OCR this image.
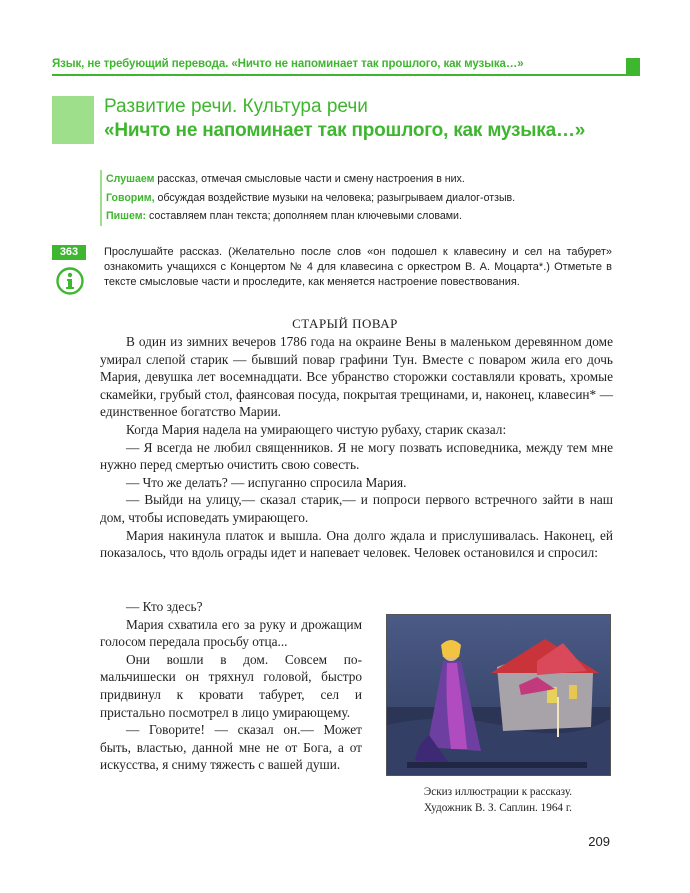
Язык, не требующий перевода. «Ничто не напоминает так прошлого, как музыка…»
Развитие речи. Культура речи
«Ничто не напоминает так прошлого, как музыка…»
Слушаем рассказ, отмечая смысловые части и смену настроения в них.
Говорим, обсуждая воздействие музыки на человека; разыгрываем диалог-отзыв.
Пишем: составляем план текста; дополняем план ключевыми словами.
363	Прослушайте рассказ. (Желательно после слов «он подошел к клавесину и сел на табурет» ознакомить учащихся с Концертом № 4 для клавесина с оркестром В. А. Моцарта*.) Отметьте в тексте смысловые части и проследите, как меняется настроение повествования.
СТАРЫЙ ПОВАР

В один из зимних вечеров 1786 года на окраине Вены в маленьком деревянном доме умирал слепой старик — бывший повар графини Тун. Вместе с поваром жила его дочь Мария, девушка лет восемнадцати. Все убранство сторожки составляли кровать, хромые скамейки, грубый стол, фаянсовая посуда, покрытая трещинами, и, наконец, клавесин* — единственное богатство Марии.

Когда Мария надела на умирающего чистую рубаху, старик сказал:

— Я всегда не любил священников. Я не могу позвать исповедника, между тем мне нужно перед смертью очистить свою совесть.

— Что же делать? — испуганно спросила Мария.

— Выйди на улицу,— сказал старик,— и попроси первого встречного зайти в наш дом, чтобы исповедать умирающего.

Мария накинула платок и вышла. Она долго ждала и прислушивалась. Наконец, ей показалось, что вдоль ограды идет и напевает человек. Человек остановился и спросил:

— Кто здесь?

Мария схватила его за руку и дрожащим голосом передала просьбу отца...

Они вошли в дом. Совсем по-мальчишески он тряхнул головой, быстро придвинул к кровати табурет, сел и пристально посмотрел в лицо умирающему.

— Говорите! — сказал он.— Может быть, властью, данной мне не от Бога, а от искусства, я сниму тяжесть с вашей души.

Эскиз иллюстрации к рассказу.
Художник В. З. Саплин. 1964 г.
209
